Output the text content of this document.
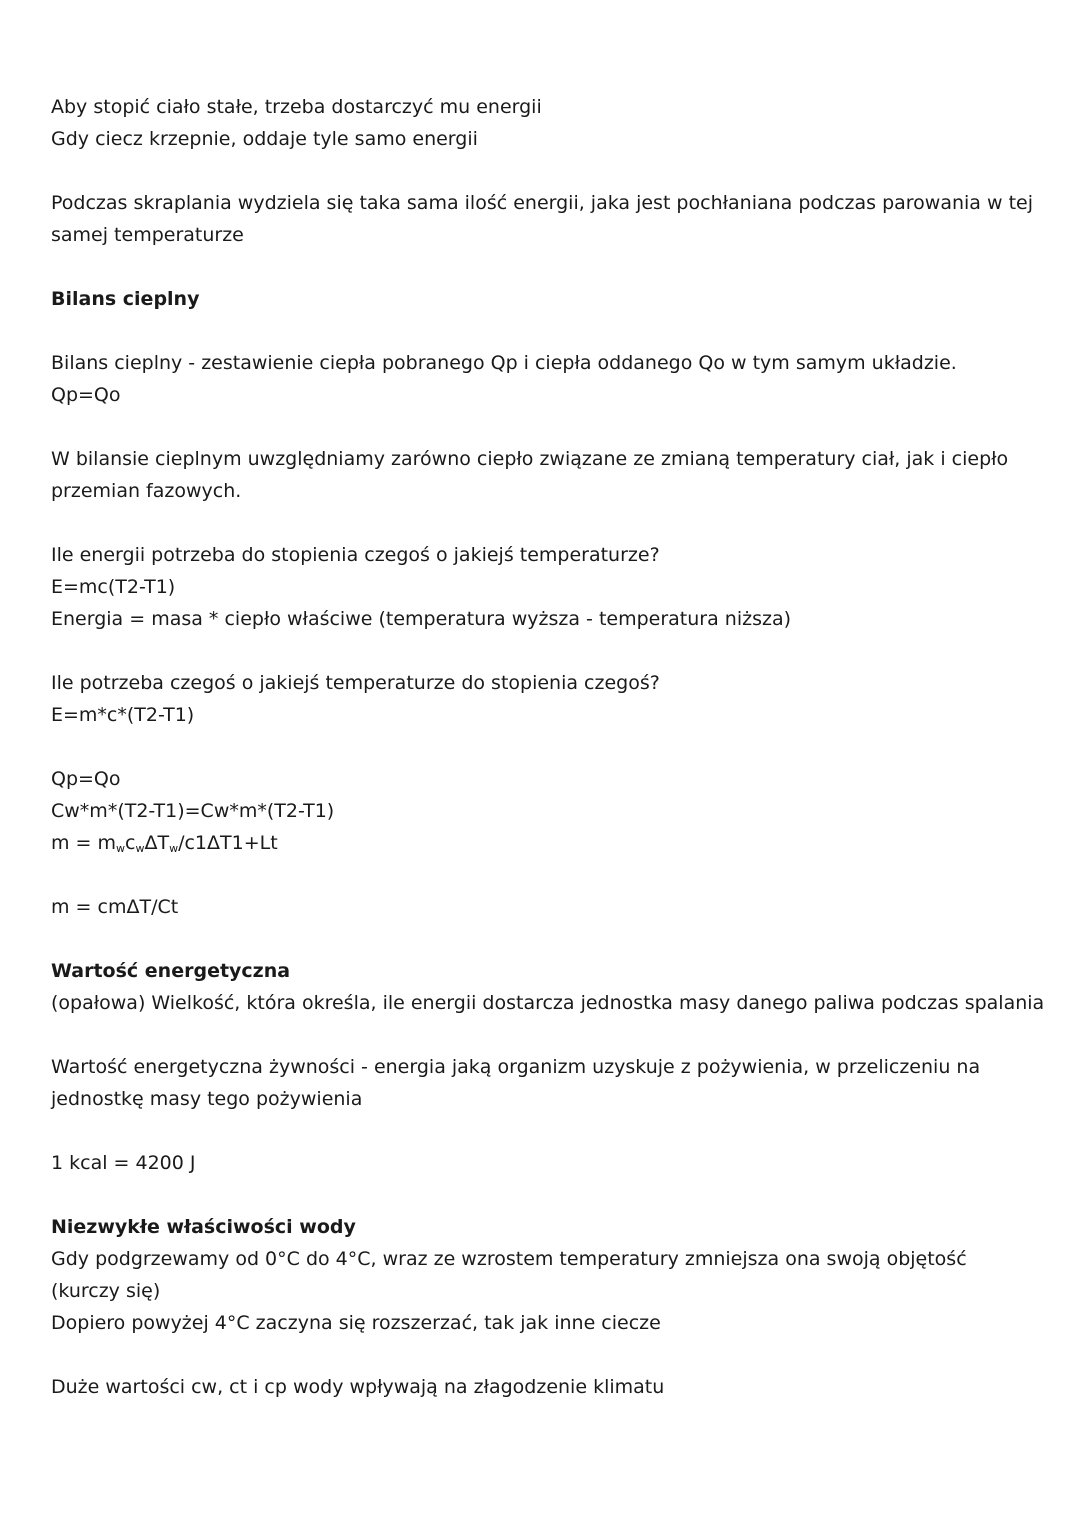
Aby stopić ciało stałe, trzeba dostarczyć mu energii
Gdy ciecz krzepnie, oddaje tyle samo energii
Podczas skraplania wydziela się taka sama ilość energii, jaka jest pochłaniana podczas parowania w tej samej temperaturze
Bilans cieplny
Bilans cieplny - zestawienie ciepła pobranego Qp i ciepła oddanego Qo w tym samym układzie.
Qp=Qo
W bilansie cieplnym uwzględniamy zarówno ciepło związane ze zmianą temperatury ciał, jak i ciepło przemian fazowych.
Ile energii potrzeba do stopienia czegoś o jakiejś temperaturze?
E=mc(T2-T1)
Energia = masa * ciepło właściwe (temperatura wyższa - temperatura niższa)
Ile potrzeba czegoś o jakiejś temperaturze do stopienia czegoś?
E=m*c*(T2-T1)
Qp=Qo
Cw*m*(T2-T1)=Cw*m*(T2-T1)
$m = m_wc_w\Delta T_w/c1\Delta T1+Lt$
m = cmΔT/Ct
Wartość energetyczna
(opałowa) Wielkość, która określa, ile energii dostarcza jednostka masy danego paliwa podczas spalania
Wartość energetyczna żywności - energia jaką organizm uzyskuje z pożywienia, w przeliczeniu na jednostkę masy tego pożywienia
1 kcal = 4200 J
Niezwykłe właściwości wody
Gdy podgrzewamy od 0°C do 4°C, wraz ze wzrostem temperatury zmniejsza ona swoją objętość (kurczy się)
Dopiero powyżej 4°C zaczyna się rozszerzać, tak jak inne ciecze
Duże wartości cw, ct i cp wody wpływają na złagodzenie klimatu
